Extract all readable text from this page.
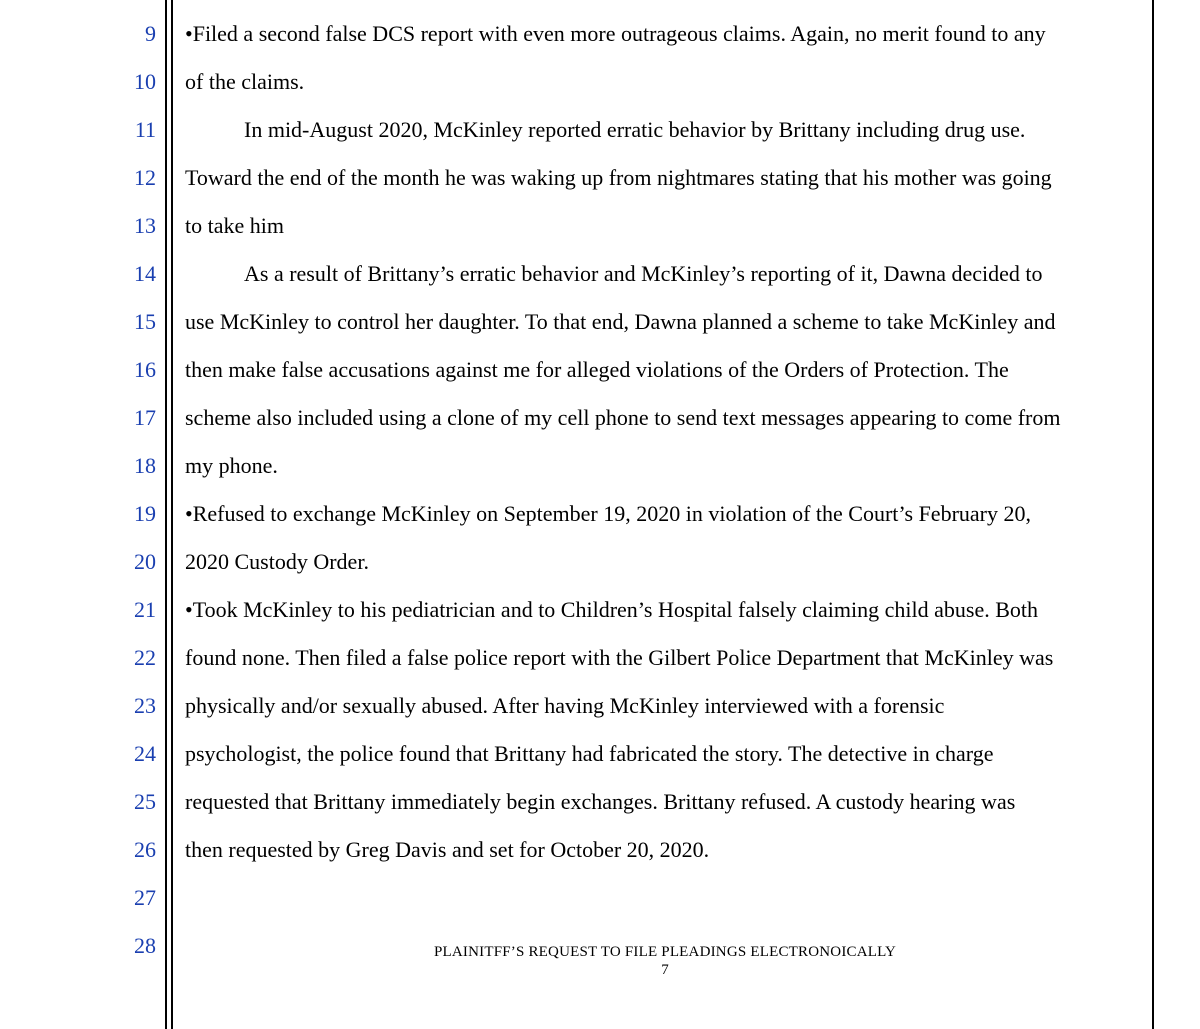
9
10
11
12
13
14
15
16
17
18
19
20
21
22
23
24
25
26
27
28
•Filed a second false DCS report with even more outrageous claims. Again, no merit found to any
of the claims.
In mid-August 2020, McKinley reported erratic behavior by Brittany including drug use.
Toward the end of the month he was waking up from nightmares stating that his mother was going
to take him
As a result of Brittany’s erratic behavior and McKinley’s reporting of it, Dawna decided to
use McKinley to control her daughter. To that end, Dawna planned a scheme to take McKinley and
then make false accusations against me for alleged violations of the Orders of Protection. The
scheme also included using a clone of my cell phone to send text messages appearing to come from
my phone.
•Refused to exchange McKinley on September 19, 2020 in violation of the Court’s February 20,
2020 Custody Order.
•Took McKinley to his pediatrician and to Children’s Hospital falsely claiming child abuse. Both
found none. Then filed a false police report with the Gilbert Police Department that McKinley was
physically and/or sexually abused. After having McKinley interviewed with a forensic
psychologist, the police found that Brittany had fabricated the story. The detective in charge
requested that Brittany immediately begin exchanges. Brittany refused. A custody hearing was
then requested by Greg Davis and set for October 20, 2020.
PLAINITFF’S REQUEST TO FILE PLEADINGS ELECTRONOICALLY
7
